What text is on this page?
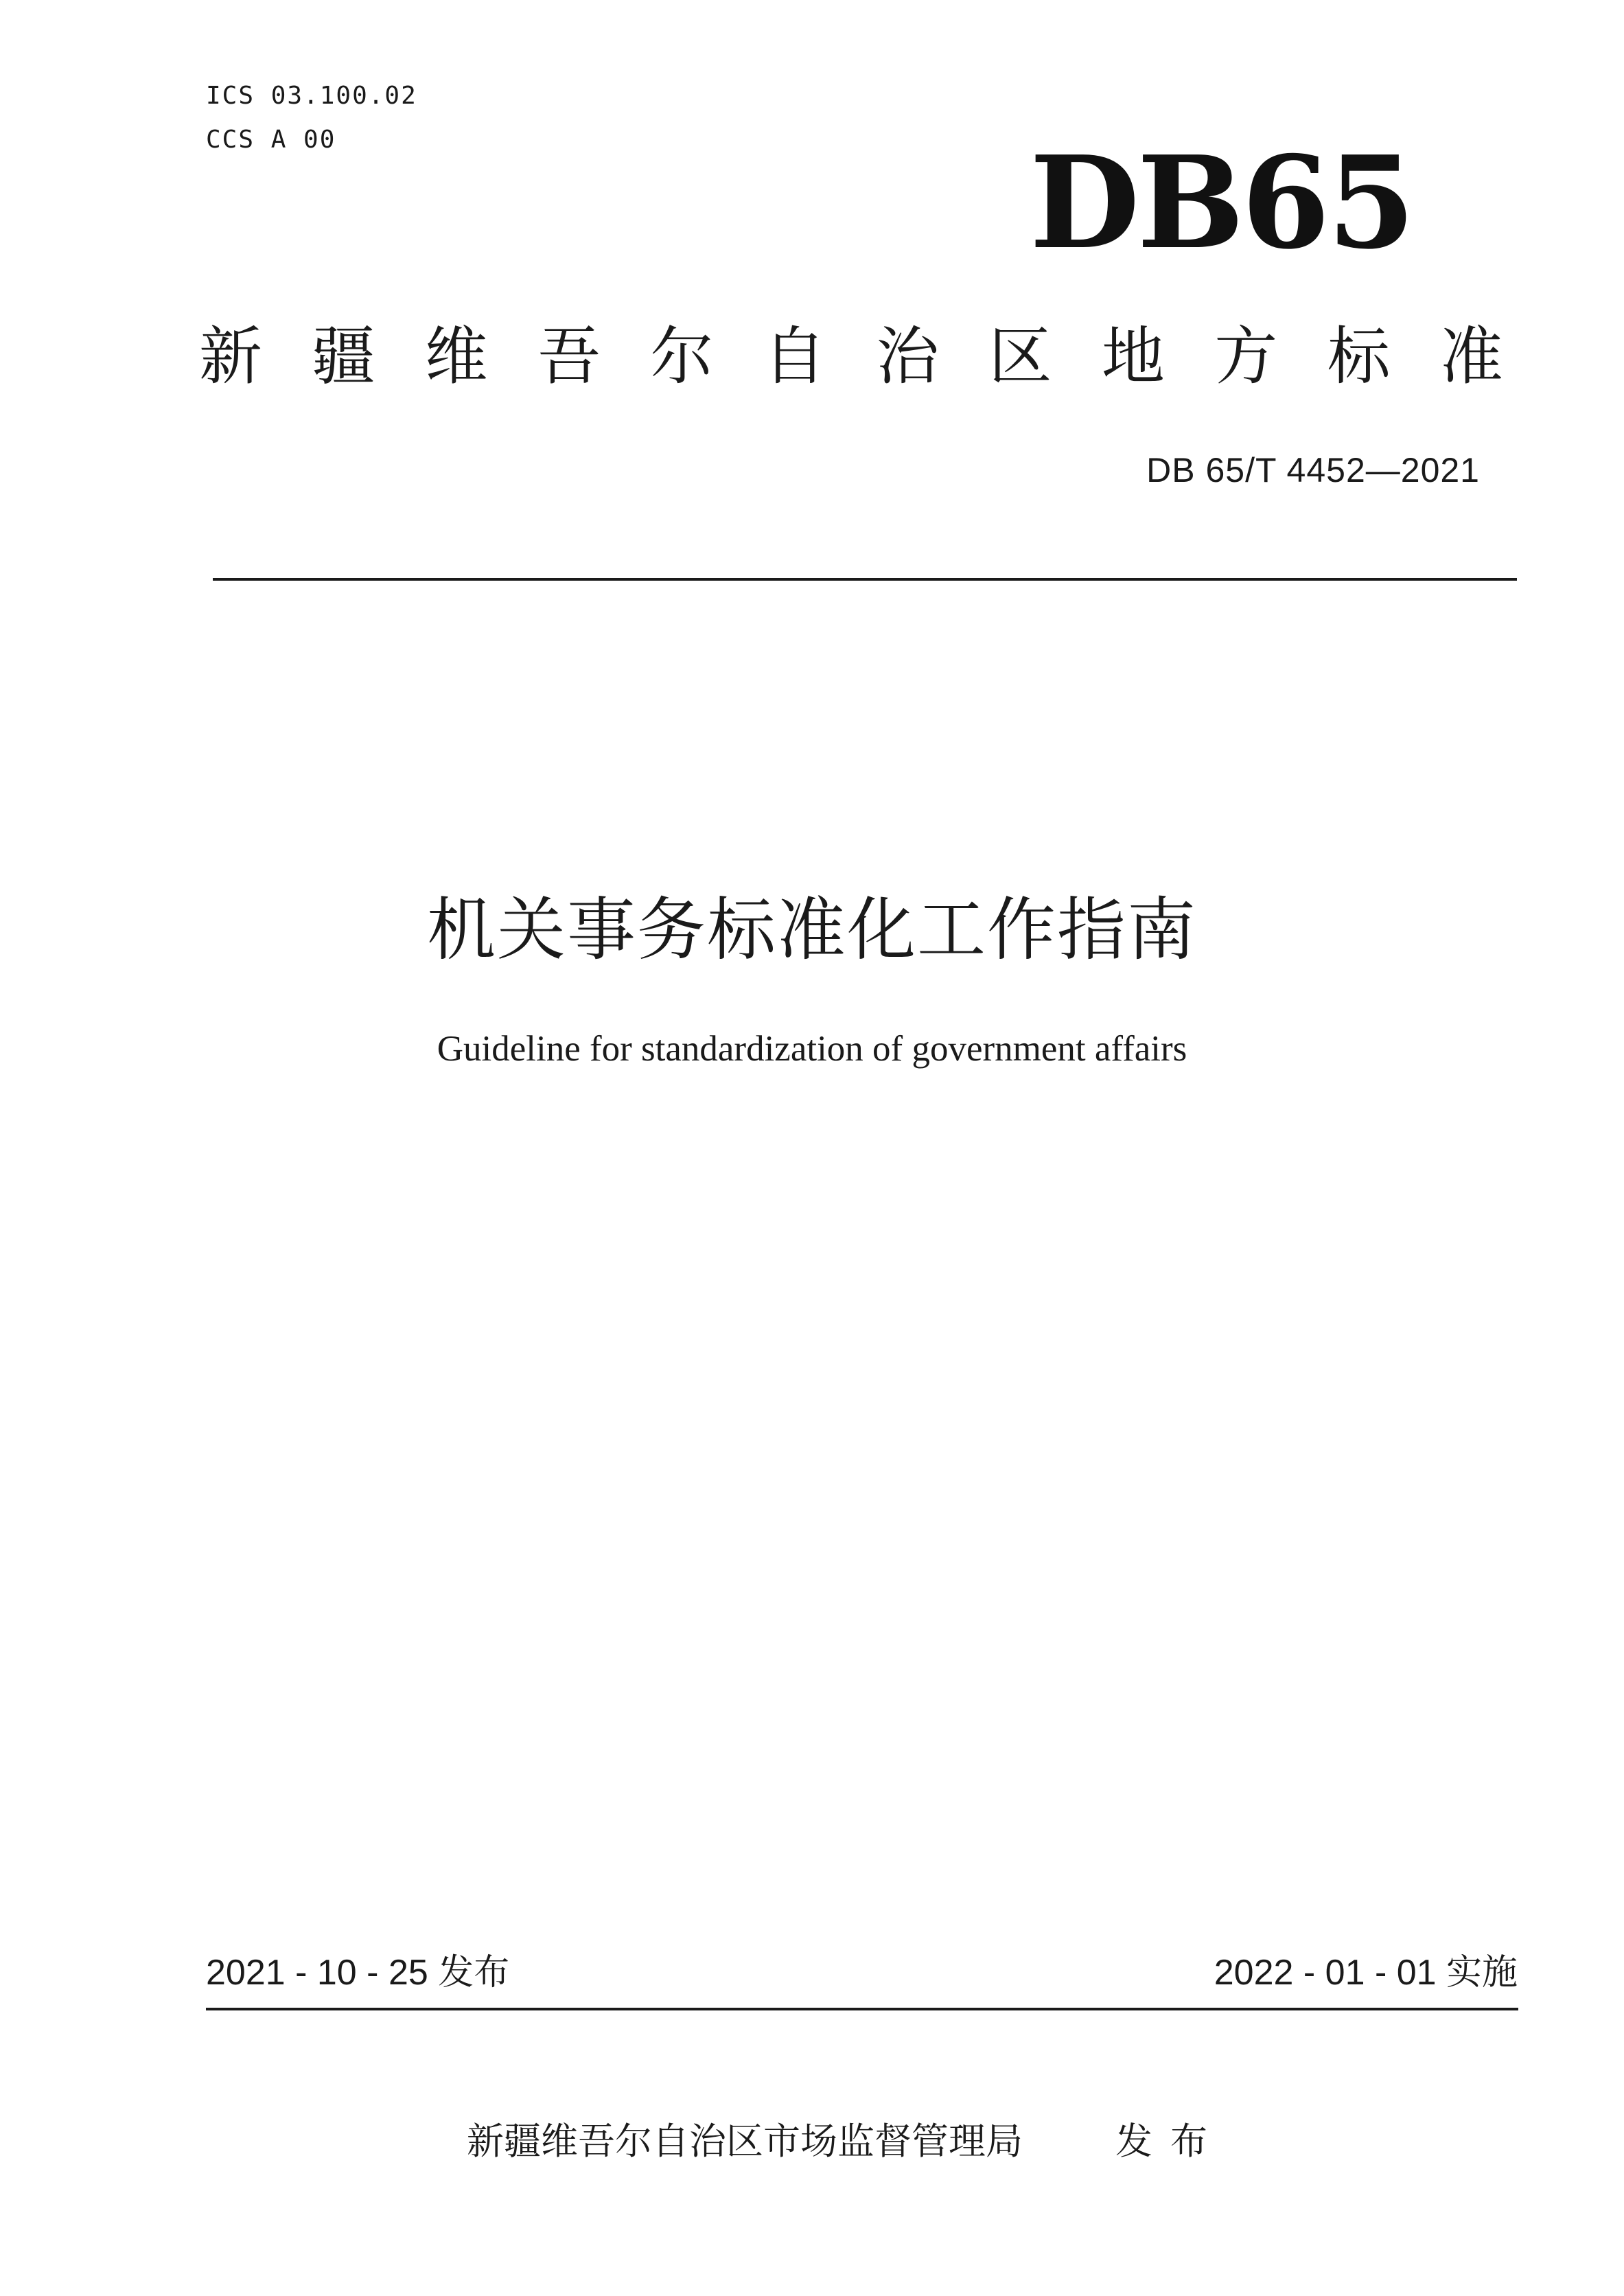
ICS 03.100.02
CCS A 00	DB65
新 疆 维 吾 尔 自 治 区 地 方 标 准
DB 65/T 4452—2021
机关事务标准化工作指南
Guideline for standardization of government affairs
2021 - 10 - 25 发布	2022 - 01 - 01 实施
新疆维吾尔自治区市场监督管理局	发布
